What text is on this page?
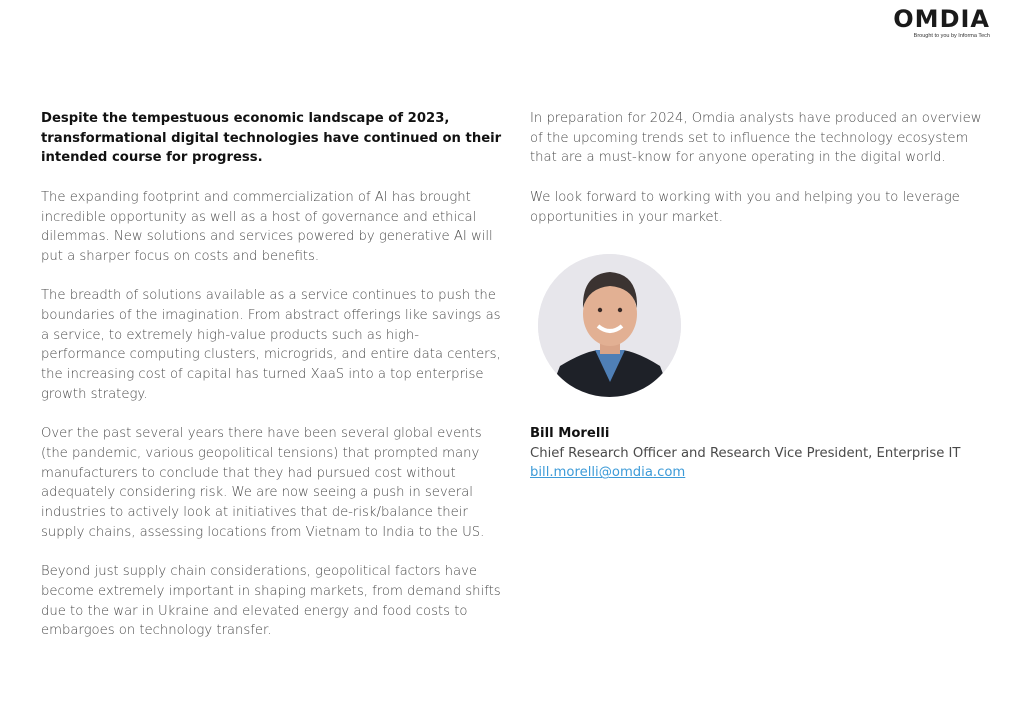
OMDIA
Brought to you by Informa Tech

Despite the tempestuous economic landscape of 2023, transformational digital technologies have continued on their intended course for progress.

The expanding footprint and commercialization of AI has brought incredible opportunity as well as a host of governance and ethical dilemmas. New solutions and services powered by generative AI will put a sharper focus on costs and benefits.

The breadth of solutions available as a service continues to push the boundaries of the imagination. From abstract offerings like savings as a service, to extremely high-value products such as high-performance computing clusters, microgrids, and entire data centers, the increasing cost of capital has turned XaaS into a top enterprise growth strategy.

Over the past several years there have been several global events (the pandemic, various geopolitical tensions) that prompted many manufacturers to conclude that they had pursued cost without adequately considering risk. We are now seeing a push in several industries to actively look at initiatives that de-risk/balance their supply chains, assessing locations from Vietnam to India to the US.

Beyond just supply chain considerations, geopolitical factors have become extremely important in shaping markets, from demand shifts due to the war in Ukraine and elevated energy and food costs to embargoes on technology transfer.

In preparation for 2024, Omdia analysts have produced an overview of the upcoming trends set to influence the technology ecosystem that are a must-know for anyone operating in the digital world.

We look forward to working with you and helping you to leverage opportunities in your market.

Bill Morelli
Chief Research Officer and Research Vice President, Enterprise IT
bill.morelli@omdia.com
